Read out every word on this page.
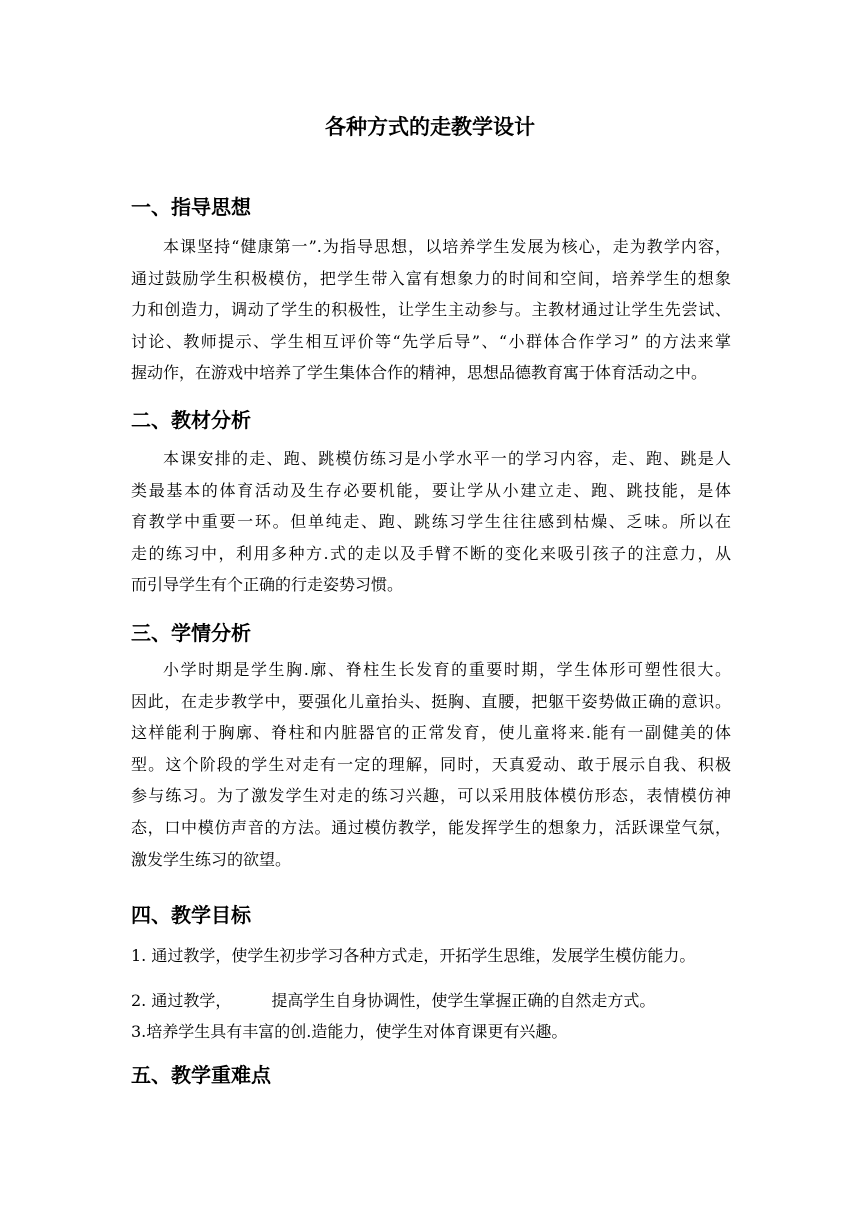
各种方式的走教学设计
一、指导思想
本课坚持“健康第一”.为指导思想，以培养学生发展为核心，走为教学内容，
通过鼓励学生积极模仿，把学生带入富有想象力的时间和空间，培养学生的想象
力和创造力，调动了学生的积极性，让学生主动参与。主教材通过让学生先尝试、
讨论、教师提示、学生相互评价等“先学后导”、“小群体合作学习” 的方法来掌
握动作，在游戏中培养了学生集体合作的精神，思想品德教育寓于体育活动之中。
二、教材分析
本课安排的走、跑、跳模仿练习是小学水平一的学习内容，走、跑、跳是人
类最基本的体育活动及生存必要机能，要让学从小建立走、跑、跳技能，是体
育教学中重要一环。但单纯走、跑、跳练习学生往往感到枯燥、乏味。所以在
走的练习中，利用多种方.式的走以及手臂不断的变化来吸引孩子的注意力，从
而引导学生有个正确的行走姿势习惯。
三、学情分析
小学时期是学生胸.廓、脊柱生长发育的重要时期，学生体形可塑性很大。
因此，在走步教学中，要强化儿童抬头、挺胸、直腰，把躯干姿势做正确的意识。
这样能利于胸廓、脊柱和内脏器官的正常发育，使儿童将来.能有一副健美的体
型。这个阶段的学生对走有一定的理解，同时，天真爱动、敢于展示自我、积极
参与练习。为了激发学生对走的练习兴趣，可以采用肢体模仿形态，表情模仿神
态，口中模仿声音的方法。通过模仿教学，能发挥学生的想象力，活跃课堂气氛，
激发学生练习的欲望。
四、教学目标

1. 通过教学，使学生初步学习各种方式走，开拓学生思维，发展学生模仿能力。

2. 通过教学，	提高学生自身协调性，使学生掌握正确的自然走方式。

3.培养学生具有丰富的创.造能力，使学生对体育课更有兴趣。

五、教学重难点
